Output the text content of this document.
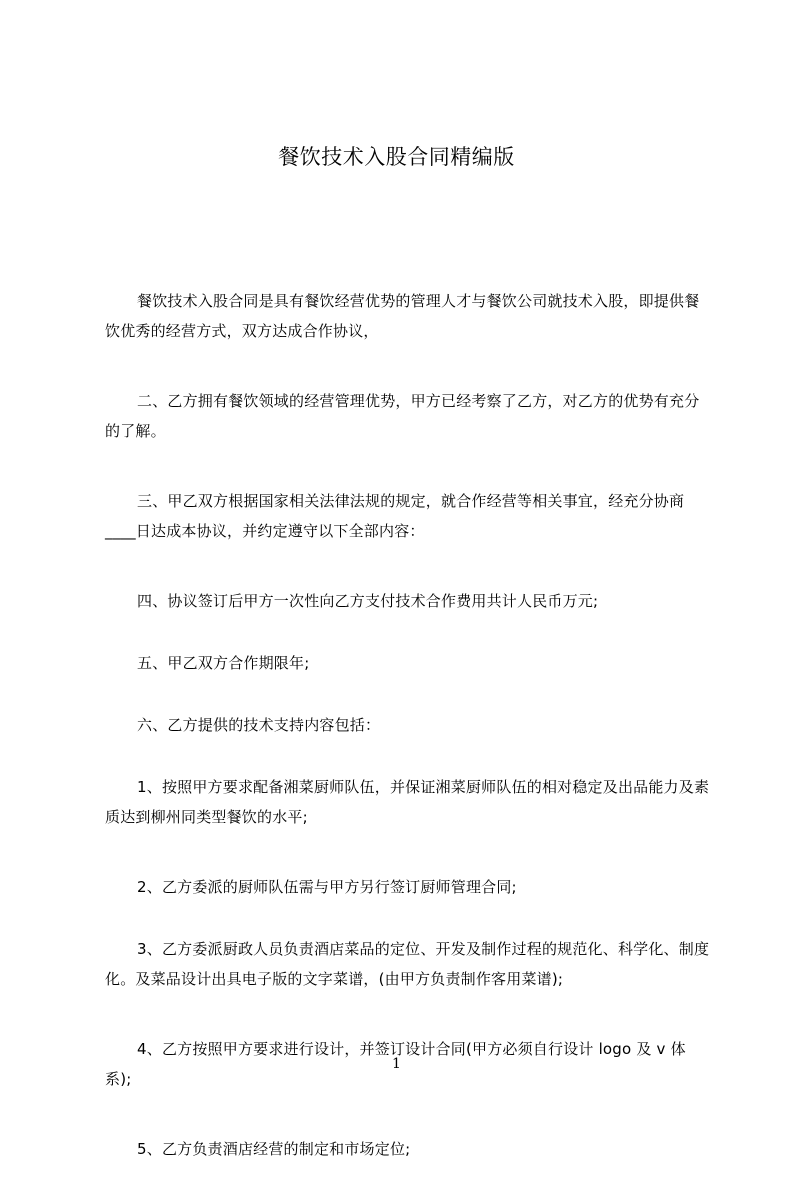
餐饮技术入股合同精编版

餐饮技术入股合同是具有餐饮经营优势的管理人才与餐饮公司就技术入股，即提供餐饮优秀的经营方式，双方达成合作协议，

二、乙方拥有餐饮领域的经营管理优势，甲方已经考察了乙方，对乙方的优势有充分的了解。

三、甲乙双方根据国家相关法律法规的规定，就合作经营等相关事宜，经充分协商____日达成本协议，并约定遵守以下全部内容：

四、协议签订后甲方一次性向乙方支付技术合作费用共计人民币万元;

五、甲乙双方合作期限年;

六、乙方提供的技术支持内容包括：

1、按照甲方要求配备湘菜厨师队伍，并保证湘菜厨师队伍的相对稳定及出品能力及素质达到柳州同类型餐饮的水平;

2、乙方委派的厨师队伍需与甲方另行签订厨师管理合同;

3、乙方委派厨政人员负责酒店菜品的定位、开发及制作过程的规范化、科学化、制度化。及菜品设计出具电子版的文字菜谱，(由甲方负责制作客用菜谱);

4、乙方按照甲方要求进行设计，并签订设计合同(甲方必须自行设计 logo 及 v 体系);

5、乙方负责酒店经营的制定和市场定位;

1
